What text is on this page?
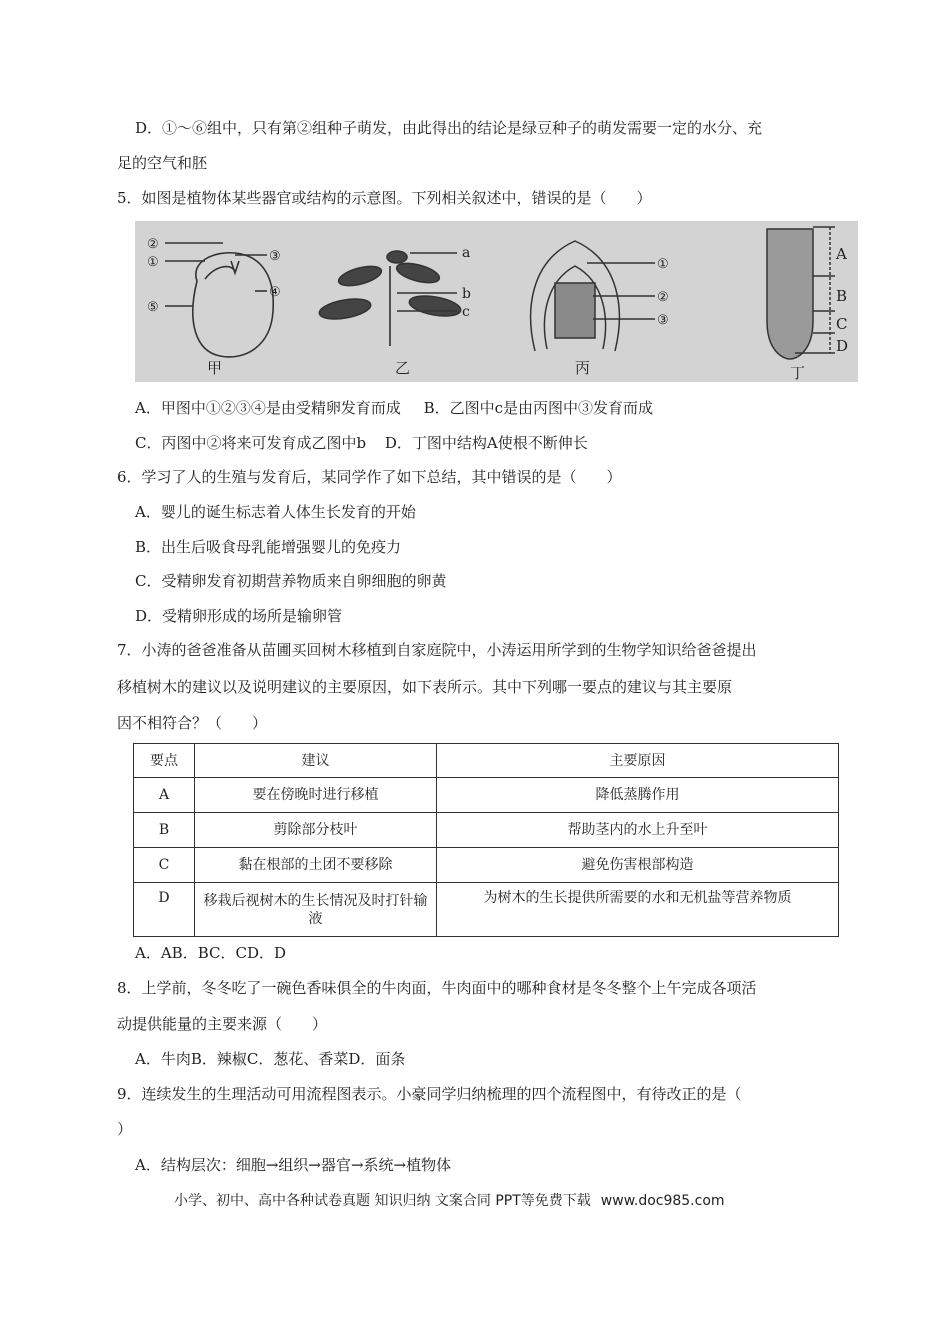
D．①～⑥组中，只有第②组种子萌发，由此得出的结论是绿豆种子的萌发需要一定的水分、充
足的空气和胚
5．如图是植物体某些器官或结构的示意图。下列相关叙述中，错误的是（　　）
②
①	③
④
⑤
甲
a
b
c
乙
①
②
③
丙
A
B
C
D
丁
A．甲图中①②③④是由受精卵发育而成 B．乙图中c是由丙图中③发育而成
C．丙图中②将来可发育成乙图中b D．丁图中结构A使根不断伸长
6．学习了人的生殖与发育后，某同学作了如下总结，其中错误的是（　　）
A．婴儿的诞生标志着人体生长发育的开始
B．出生后吸食母乳能增强婴儿的免疫力
C．受精卵发育初期营养物质来自卵细胞的卵黄
D．受精卵形成的场所是输卵管
7．小涛的爸爸准备从苗圃买回树木移植到自家庭院中，小涛运用所学到的生物学知识给爸爸提出
移植树木的建议以及说明建议的主要原因，如下表所示。其中下列哪一要点的建议与其主要原
因不相符合？（　　）
要点	建议	主要原因
A	要在傍晚时进行移植	降低蒸腾作用
B	剪除部分枝叶	帮助茎内的水上升至叶
C	黏在根部的土团不要移除	避免伤害根部构造
D	移栽后视树木的生长情况及时打针输液	为树木的生长提供所需要的水和无机盐等营养物质
A．AB．BC．CD．D
8．上学前，冬冬吃了一碗色香味俱全的牛肉面，牛肉面中的哪种食材是冬冬整个上午完成各项活
动提供能量的主要来源（　　）
A．牛肉B．辣椒C．葱花、香菜D．面条
9．连续发生的生理活动可用流程图表示。小豪同学归纳梳理的四个流程图中，有待改正的是（
）
A．结构层次：细胞→组织→器官→系统→植物体
小学、初中、高中各种试卷真题 知识归纳 文案合同 PPT等免费下载 www.doc985.com
